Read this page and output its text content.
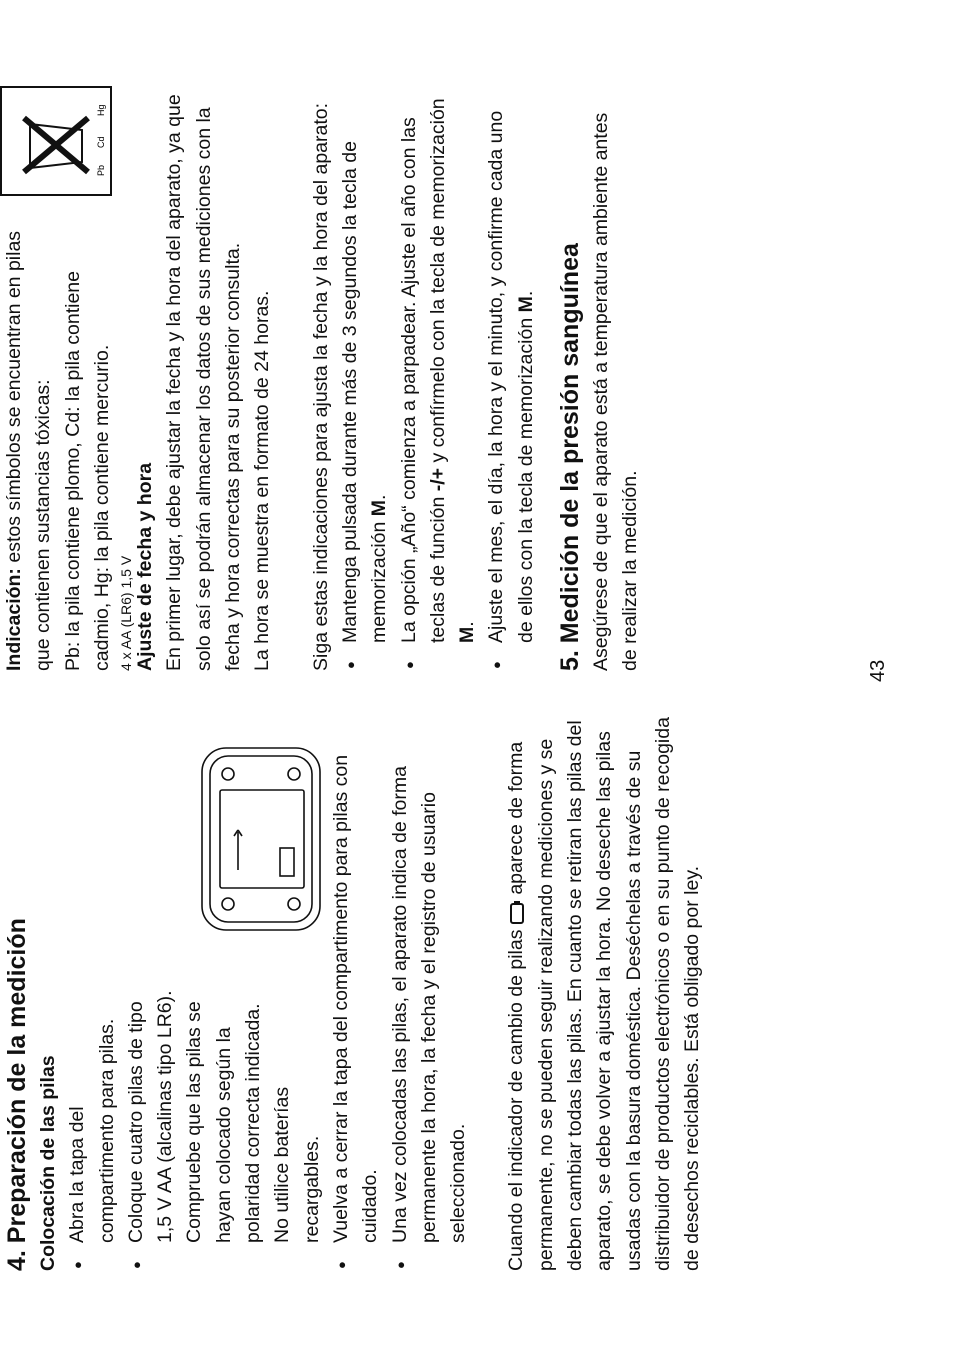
4. Preparación de la medición Colocación de las pilas ● Abra la tapa del compartimento para pilas. ● Coloque cuatro pilas de tipo 1,5 V AA (alcalinas tipo LR6). Compruebe que las pilas se hayan colocado según la polaridad correcta indicada. No utilice baterías recargables. ● Vuelva a cerrar la tapa del compartimento para pilas con cuidado. ● Una vez colocadas las pilas, el aparato indica de forma permanente la hora, la fecha y el registro de usuario seleccionado. Cuando el indicador de cambio de pilas  aparece de forma permanente, no se pueden seguir realizando mediciones y se deben cambiar todas las pilas. En cuanto se retiran las pilas del aparato, se debe volver a ajustar la hora. No deseche las pilas usadas con la basura doméstica. Deséchelas a través de su distribuidor de productos electrónicos o en su punto de recogida de desechos reciclables. Está obligado por ley.

4 x AA (LR6) 1,5 V
Pb
Cd
Hg

Indicación: estos símbolos se encuentran en pilas que contienen sustancias tóxicas: Pb: la pila contiene plomo, Cd: la pila contiene cadmio, Hg: la pila contiene mercurio. Ajuste de fecha y hora En primer lugar, debe ajustar la fecha y la hora del aparato, ya que solo así se podrán almacenar los datos de sus mediciones con la fecha y hora correctas para su posterior consulta. La hora se muestra en formato de 24 horas. Siga estas indicaciones para ajusta la fecha y la hora del aparato: ● Mantenga pulsada durante más de 3 segundos la tecla de memorización M. ● La opción „Año“ comienza a parpadear. Ajuste el año con las teclas de función -/+ y confírmelo con la tecla de memorización M. ● Ajuste el mes, el día, la hora y el minuto, y confirme cada uno de ellos con la tecla de memorización M. 5. Medición de la presión sanguínea Asegúrese de que el aparato está a temperatura ambiente antes de realizar la medición.	43
